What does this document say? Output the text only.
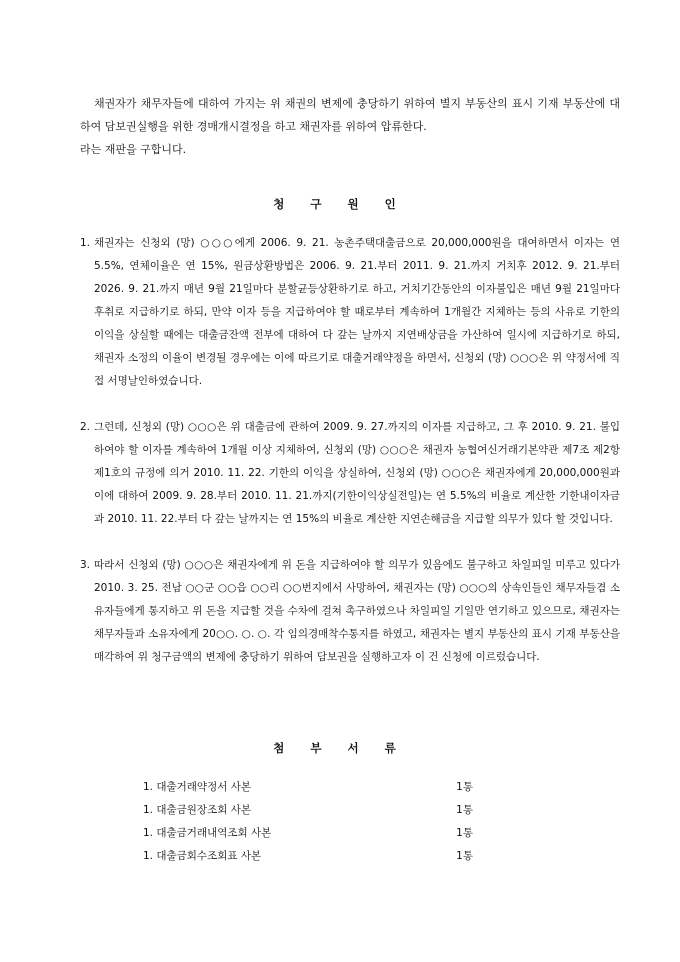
채권자가 채무자들에 대하여 가지는 위 채권의 변제에 충당하기 위하여 별지 부동산의 표시 기재 부동산에 대하여 담보권실행을 위한 경매개시결정을 하고 채권자를 위하여 압류한다.

라는 재판을 구합니다.

청 구 원 인
1. 채권자는 신청외 (망) ○○○에게 2006. 9. 21. 농촌주택대출금으로 20,000,000원을 대여하면서 이자는 연 5.5%, 연체이율은 연 15%, 원금상환방법은 2006. 9. 21.부터 2011. 9. 21.까지 거치후 2012. 9. 21.부터 2026. 9. 21.까지 매년 9월 21일마다 분할균등상환하기로 하고, 거치기간동안의 이자불입은 매년 9월 21일마다 후취로 지급하기로 하되, 만약 이자 등을 지급하여야 할 때로부터 계속하여 1개월간 지체하는 등의 사유로 기한의 이익을 상실할 때에는 대출금잔액 전부에 대하여 다 갚는 날까지 지연배상금을 가산하여 일시에 지급하기로 하되, 채권자 소정의 이율이 변경될 경우에는 이에 따르기로 대출거래약정을 하면서, 신청외 (망) ○○○은 위 약정서에 직접 서명날인하였습니다.
2. 그런데, 신청외 (망) ○○○은 위 대출금에 관하여 2009. 9. 27.까지의 이자를 지급하고, 그 후 2010. 9. 21. 불입하여야 할 이자를 계속하여 1개월 이상 지체하여, 신청외 (망) ○○○은 채권자 농협여신거래기본약관 제7조 제2항 제1호의 규정에 의거 2010. 11. 22. 기한의 이익을 상실하여, 신청외 (망) ○○○은 채권자에게 20,000,000원과 이에 대하여 2009. 9. 28.부터 2010. 11. 21.까지(기한이익상실전일)는 연 5.5%의 비율로 계산한 기한내이자금과 2010. 11. 22.부터 다 갚는 날까지는 연 15%의 비율로 계산한 지연손해금을 지급할 의무가 있다 할 것입니다.
3. 따라서 신청외 (망) ○○○은 채권자에게 위 돈을 지급하여야 할 의무가 있음에도 불구하고 차일피일 미루고 있다가 2010. 3. 25. 전남 ○○군 ○○읍 ○○리 ○○번지에서 사망하여, 채권자는 (망) ○○○의 상속인들인 채무자들겸 소유자들에게 통지하고 위 돈을 지급할 것을 수차에 걸쳐 촉구하였으나 차일피일 기일만 연기하고 있으므로, 채권자는 채무자들과 소유자에게 20○○. ○. ○. 각 임의경매착수통지를 하였고, 채권자는 별지 부동산의 표시 기재 부동산을 매각하여 위 청구금액의 변제에 충당하기 위하여 담보권을 실행하고자 이 건 신청에 이르렀습니다.
첨 부 서 류
1. 대출거래약정서 사본	1통
1. 대출금원장조회 사본	1통
1. 대출금거래내역조회 사본	1통
1. 대출금회수조회표 사본	1통
